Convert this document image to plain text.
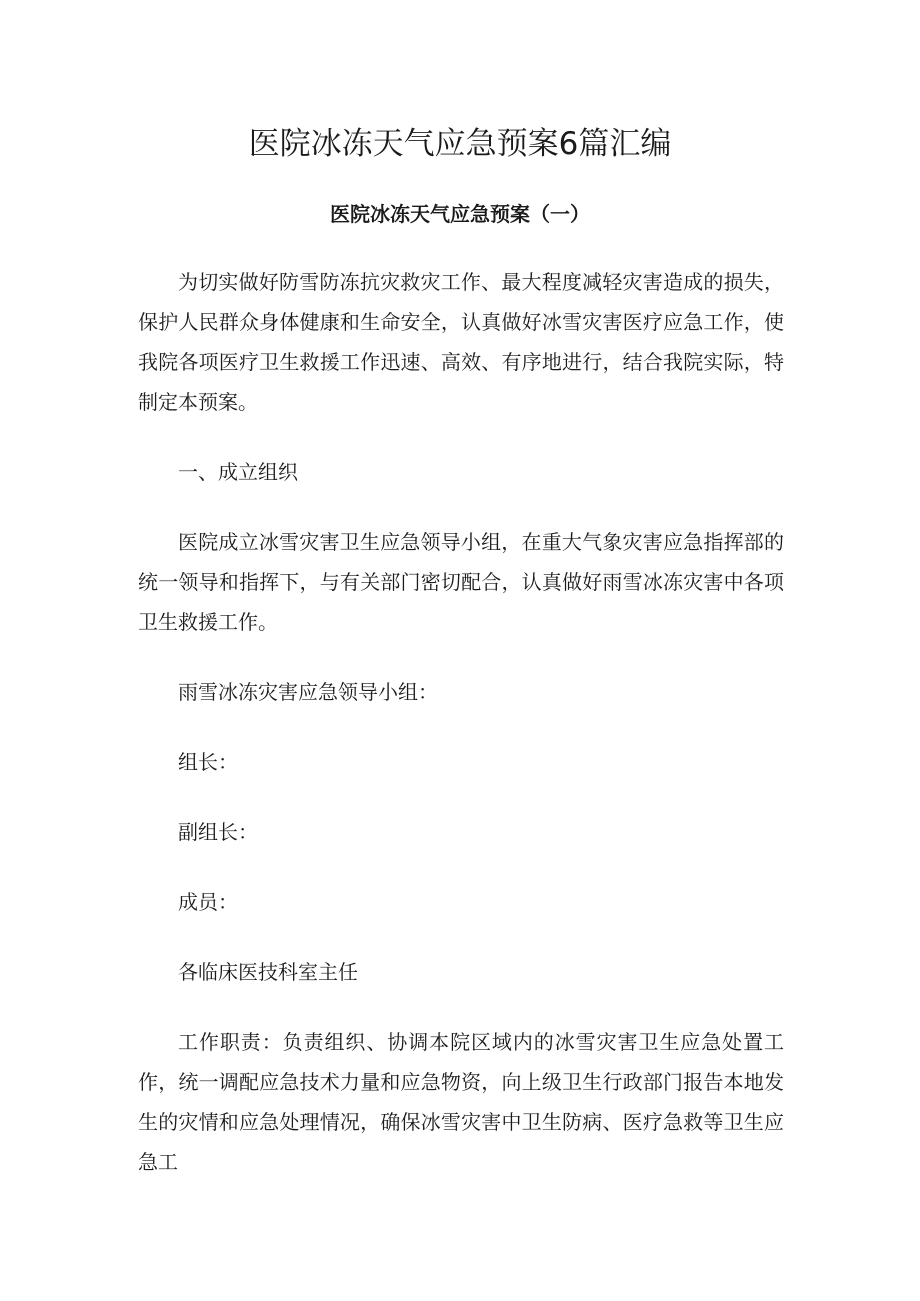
医院冰冻天气应急预案6篇汇编
医院冰冻天气应急预案（一）

为切实做好防雪防冻抗灾救灾工作、最大程度减轻灾害造成的损失，保护人民群众身体健康和生命安全，认真做好冰雪灾害医疗应急工作，使我院各项医疗卫生救援工作迅速、高效、有序地进行，结合我院实际，特制定本预案。

一、成立组织

医院成立冰雪灾害卫生应急领导小组，在重大气象灾害应急指挥部的统一领导和指挥下，与有关部门密切配合，认真做好雨雪冰冻灾害中各项卫生救援工作。

雨雪冰冻灾害应急领导小组：

组长：

副组长：

成员：

各临床医技科室主任

工作职责：负责组织、协调本院区域内的冰雪灾害卫生应急处置工作，统一调配应急技术力量和应急物资，向上级卫生行政部门报告本地发生的灾情和应急处理情况，确保冰雪灾害中卫生防病、医疗急救等卫生应急工
